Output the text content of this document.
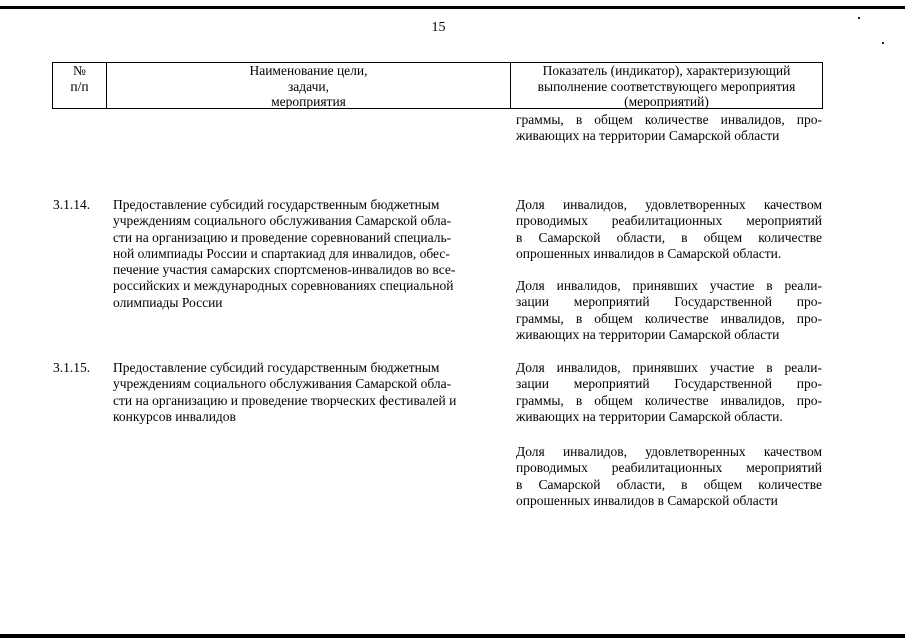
15
№
п/п
Наименование цели,
задачи,
мероприятия
Показатель (индикатор), характеризующий
выполнение соответствующего мероприятия
(мероприятий)
граммы, в общем количестве инвалидов, про-
живающих на территории Самарской области
3.1.14. Предоставление субсидий государственным бюджетным
учреждениям социального обслуживания Самарской обла-
сти на организацию и проведение соревнований специаль-
ной олимпиады России и спартакиад для инвалидов, обес-
печение участия самарских спортсменов-инвалидов во все-
российских и международных соревнованиях специальной
олимпиады России
Доля инвалидов, удовлетворенных качеством
проводимых реабилитационных мероприятий
в Самарской области, в общем количестве
опрошенных инвалидов в Самарской области.
Доля инвалидов, принявших участие в реали-
зации мероприятий Государственной про-
граммы, в общем количестве инвалидов, про-
живающих на территории Самарской области
3.1.15. Предоставление субсидий государственным бюджетным
учреждениям социального обслуживания Самарской обла-
сти на организацию и проведение творческих фестивалей и
конкурсов инвалидов
Доля инвалидов, принявших участие в реали-
зации мероприятий Государственной про-
граммы, в общем количестве инвалидов, про-
живающих на территории Самарской области.
Доля инвалидов, удовлетворенных качеством
проводимых реабилитационных мероприятий
в Самарской области, в общем количестве
опрошенных инвалидов в Самарской области
